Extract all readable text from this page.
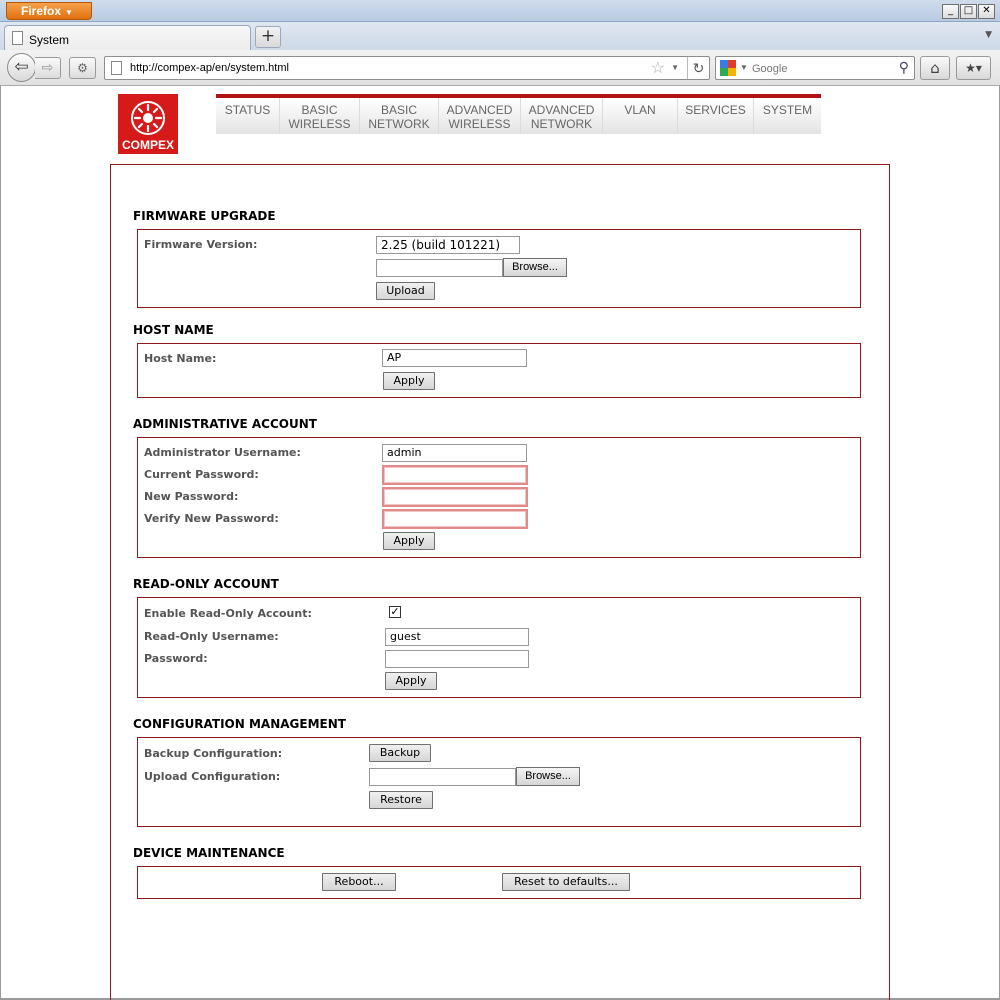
Firefox ▼	_	□ ✕
System	+	▼
⇦ ⇨	⚙	http://compex-ap/en/system.html	☆ ▼ ↻	▼ Google	⚲	⌂	★▾
COMPEX
STATUS	BASIC
WIRELESS
BASIC
NETWORK
ADVANCED
WIRELESS
ADVANCED
NETWORK
VLAN	SERVICES	SYSTEM
FIRMWARE UPGRADE
Firmware Version:	2.25 (build 101221)
Browse...
Upload
HOST NAME
Host Name:	AP
Apply
ADMINISTRATIVE ACCOUNT
Administrator Username:	admin
Current Password:
New Password:
Verify New Password:
Apply
READ-ONLY ACCOUNT
Enable Read-Only Account:	✓
Read-Only Username:	guest
Password:
Apply
CONFIGURATION MANAGEMENT
Backup Configuration:	Backup
Upload Configuration:	Browse...
Restore
DEVICE MAINTENANCE
Reboot...	Reset to defaults...
